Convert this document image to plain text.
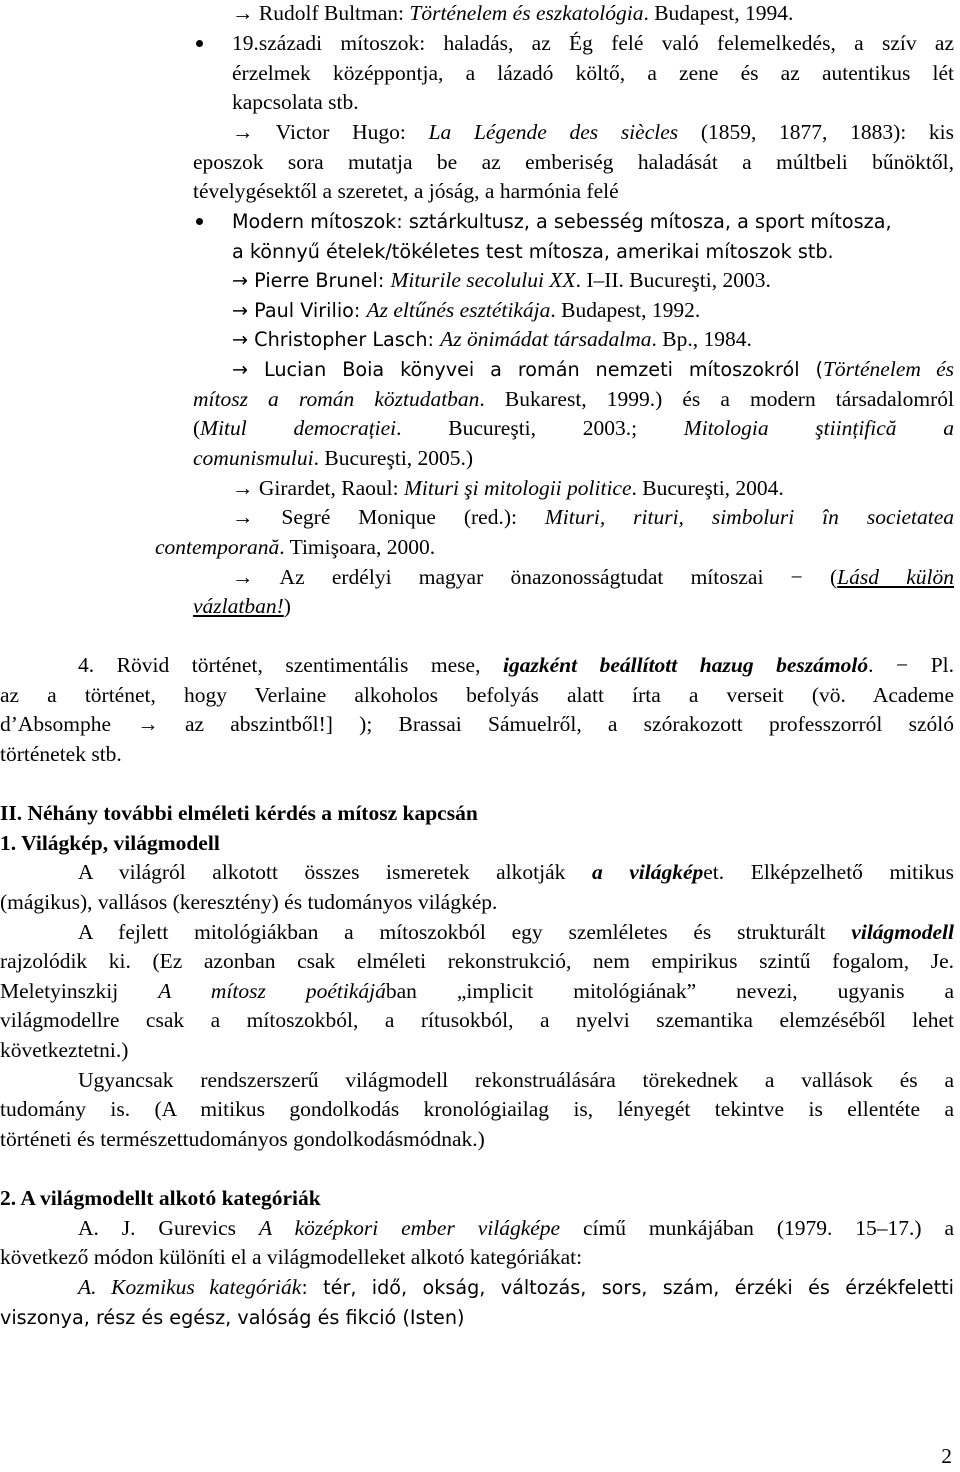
→ Rudolf Bultman: Történelem és eszkatológia. Budapest, 1994.
19.századi mítoszok: haladás, az Ég felé való felemelkedés, a szív az
érzelmek középpontja, a lázadó költő, a zene és az autentikus lét
kapcsolata stb.
→ Victor Hugo: La Légende des siècles (1859, 1877, 1883): kis
eposzok sora mutatja be az emberiség haladását a múltbeli bűnöktől,
tévelygésektől a szeretet, a jóság, a harmónia felé
Modern mítoszok: sztárkultusz, a sebesség mítosza, a sport mítosza,
a könnyű ételek/tökéletes test mítosza, amerikai mítoszok stb.
→ Pierre Brunel: Miturile secolului XX. I–II. Bucureşti, 2003.
→ Paul Virilio: Az eltűnés esztétikája. Budapest, 1992.
→ Christopher Lasch: Az önimádat társadalma. Bp., 1984.
→ Lucian Boia könyvei a román nemzeti mítoszokról (Történelem és
mítosz a román köztudatban. Bukarest, 1999.) és a modern társadalomról
(Mitul democrației. Bucureşti, 2003.; Mitologia ştiințifică a
comunismului. Bucureşti, 2005.)
→ Girardet, Raoul: Mituri şi mitologii politice. Bucureşti, 2004.
→ Segré Monique (red.): Mituri, rituri, simboluri în societatea
contemporană. Timişoara, 2000.
→ Az erdélyi magyar önazonosságtudat mítoszai − (Lásd külön
vázlatban!)
4. Rövid történet, szentimentális mese, igazként beállított hazug beszámoló. − Pl.
az a történet, hogy Verlaine alkoholos befolyás alatt írta a verseit (vö. Academe
d’Absomphe → az abszintből!] ); Brassai Sámuelről, a szórakozott professzorról szóló
történetek stb.
II. Néhány további elméleti kérdés a mítosz kapcsán
1. Világkép, világmodell
A világról alkotott összes ismeretek alkotják a világképet. Elképzelhető mitikus
(mágikus), vallásos (keresztény) és tudományos világkép.
A fejlett mitológiákban a mítoszokból egy szemléletes és strukturált világmodell
rajzolódik ki. (Ez azonban csak elméleti rekonstrukció, nem empirikus szintű fogalom, Je.
Meletyinszkij A mítosz poétikájában „implicit mitológiának” nevezi, ugyanis a
világmodellre csak a mítoszokból, a rítusokból, a nyelvi szemantika elemzéséből lehet
következtetni.)
Ugyancsak rendszerszerű világmodell rekonstruálására törekednek a vallások és a
tudomány is. (A mitikus gondolkodás kronológiailag is, lényegét tekintve is ellentéte a
történeti és természettudományos gondolkodásmódnak.)
2. A világmodellt alkotó kategóriák
A. J. Gurevics A középkori ember világképe című munkájában (1979. 15–17.) a
következő módon különíti el a világmodelleket alkotó kategóriákat:
A. Kozmikus kategóriák: tér, idő, okság, változás, sors, szám, érzéki és érzékfeletti
viszonya, rész és egész, valóság és fikció (Isten)
2
